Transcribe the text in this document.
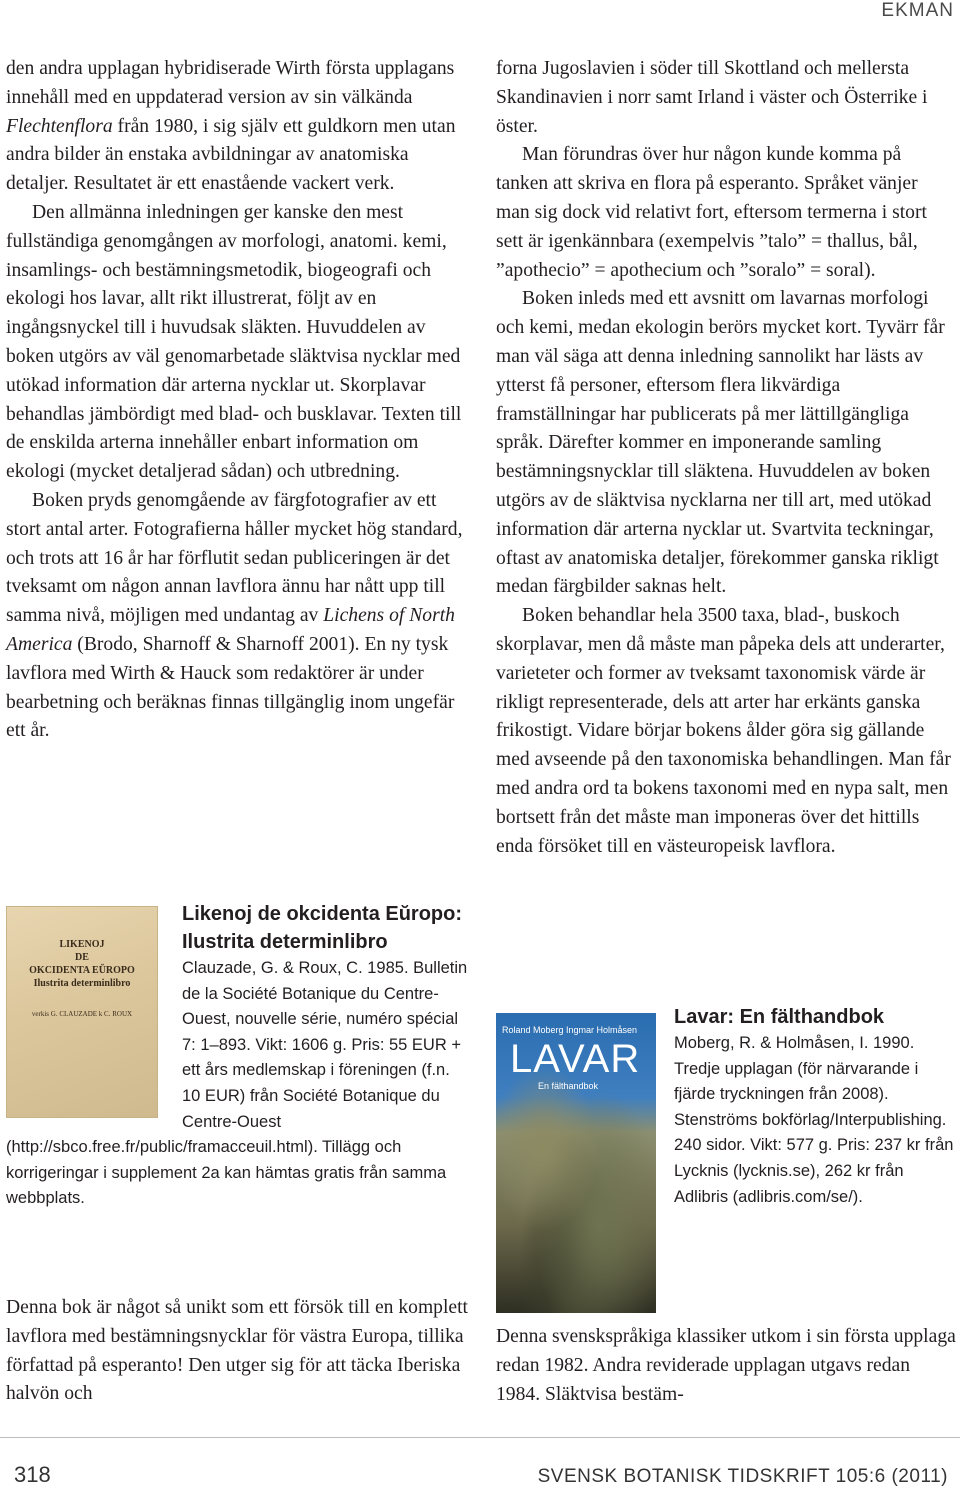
EKMAN

den andra upplagan hybridiserade Wirth första upplagans innehåll med en uppdaterad version av sin välkända Flechtenflora från 1980, i sig själv ett guldkorn men utan andra bilder än enstaka avbildningar av anatomiska detaljer. Resultatet är ett enastående vackert verk.

Den allmänna inledningen ger kanske den mest fullständiga genomgången av morfologi, anatomi. kemi, insamlings- och bestämningsmetodik, biogeografi och ekologi hos lavar, allt rikt illustrerat, följt av en ingångsnyckel till i huvudsak släkten. Huvuddelen av boken utgörs av väl genomarbetade släktvisa nycklar med utökad information där arterna nycklar ut. Skorplavar behandlas jämbördigt med blad- och busklavar. Texten till de enskilda arterna innehåller enbart information om ekologi (mycket detaljerad sådan) och utbredning.

Boken pryds genomgående av färgfotografier av ett stort antal arter. Fotografierna håller mycket hög standard, och trots att 16 år har förflutit sedan publiceringen är det tveksamt om någon annan lavflora ännu har nått upp till samma nivå, möjligen med undantag av Lichens of North America (Brodo, Sharnoff & Sharnoff 2001). En ny tysk lavflora med Wirth & Hauck som redaktörer är under bearbetning och beräknas finnas tillgänglig inom ungefär ett år.

LIKENOJ
DE
OKCIDENTA EŬROPO
Ilustrita determinlibro
verkis G. CLAUZADE k C. ROUX
Likenoj de okcidenta Eŭropo: Ilustrita determinlibro
Clauzade, G. & Roux, C. 1985. Bulletin de la Société Botanique du Centre-Ouest, nouvelle série, numéro spécial 7: 1–893. Vikt: 1606 g. Pris: 55 EUR + ett års medlemskap i föreningen (f.n. 10 EUR) från Société Botanique du Centre-Ouest (http://sbco.free.fr/public/framacceuil.html). Tillägg och korrigeringar i supplement 2a kan hämtas gratis från samma webbplats.

Denna bok är något så unikt som ett försök till en komplett lavflora med bestämningsnycklar för västra Europa, tillika författad på esperanto! Den utger sig för att täcka Iberiska halvön och

forna Jugoslavien i söder till Skottland och mellersta Skandinavien i norr samt Irland i väster och Österrike i öster.

Man förundras över hur någon kunde komma på tanken att skriva en flora på esperanto. Språket vänjer man sig dock vid relativt fort, eftersom termerna i stort sett är igenkännbara (exempelvis ”talo” = thallus, bål, ”apothecio” = apothecium och ”soralo” = soral).

Boken inleds med ett avsnitt om lavarnas morfologi och kemi, medan ekologin berörs mycket kort. Tyvärr får man väl säga att denna inledning sannolikt har lästs av ytterst få personer, eftersom flera likvärdiga framställningar har publicerats på mer lättillgängliga språk. Därefter kommer en imponerande samling bestämningsnycklar till släktena. Huvuddelen av boken utgörs av de släktvisa nycklarna ner till art, med utökad information där arterna nycklar ut. Svartvita teckningar, oftast av anatomiska detaljer, förekommer ganska rikligt medan färgbilder saknas helt.

Boken behandlar hela 3500 taxa, blad-, buskoch skorplavar, men då måste man påpeka dels att underarter, varieteter och former av tveksamt taxonomisk värde är rikligt representerade, dels att arter har erkänts ganska frikostigt. Vidare börjar bokens ålder göra sig gällande med avseende på den taxonomiska behandlingen. Man får med andra ord ta bokens taxonomi med en nypa salt, men bortsett från det måste man imponeras över det hittills enda försöket till en västeuropeisk lavflora.

Roland Moberg Ingmar Holmåsen
LAVAR
En fälthandbok
Lavar: En fälthandbok
Moberg, R. & Holmåsen, I. 1990. Tredje upplagan (för närvarande i fjärde tryckningen från 2008). Stenströms bokförlag/Interpublishing. 240 sidor. Vikt: 577 g. Pris: 237 kr från Lycknis (lycknis.se), 262 kr från Adlibris (adlibris.com/se/).

Denna svenskspråkiga klassiker utkom i sin första upplaga redan 1982. Andra reviderade upplagan utgavs redan 1984. Släktvisa bestäm-

318	SVENSK BOTANISK TIDSKRIFT 105:6 (2011)
